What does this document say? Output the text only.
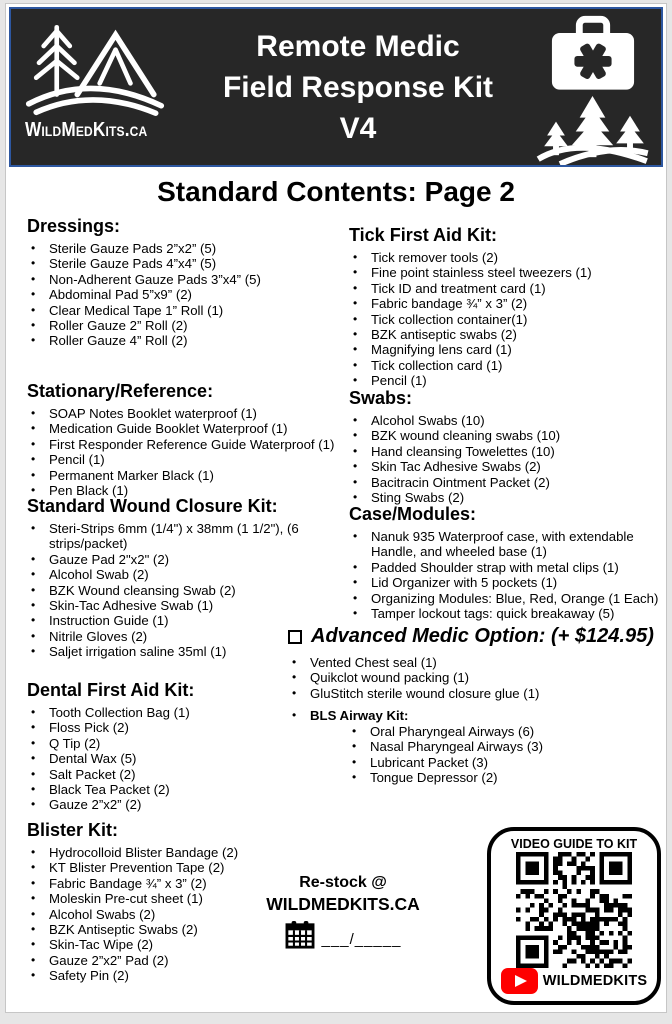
WildMedKits.ca
Remote Medic
Field Response Kit
V4
Standard Contents: Page 2
Dressings:
• Sterile Gauze Pads 2”x2” (5)
• Sterile Gauze Pads 4”x4” (5)
• Non-Adherent Gauze Pads 3”x4” (5)
• Abdominal Pad 5”x9” (2)
• Clear Medical Tape 1” Roll (1)
• Roller Gauze 2” Roll (2)
• Roller Gauze 4” Roll (2)
Stationary/Reference:
• SOAP Notes Booklet waterproof (1)
• Medication Guide Booklet Waterproof (1)
• First Responder Reference Guide Waterproof (1)
• Pencil (1)
• Permanent Marker Black (1)
• Pen Black (1)
Standard Wound Closure Kit:
• Steri-Strips 6mm (1/4") x 38mm (1 1/2"), (6 strips/packet)
• Gauze Pad 2"x2" (2)
• Alcohol Swab (2)
• BZK Wound cleansing Swab (2)
• Skin-Tac Adhesive Swab (1)
• Instruction Guide (1)
• Nitrile Gloves (2)
• Saljet irrigation saline 35ml (1)
Dental First Aid Kit:
• Tooth Collection Bag (1)
• Floss Pick (2)
• Q Tip (2)
• Dental Wax (5)
• Salt Packet (2)
• Black Tea Packet (2)
• Gauze 2”x2” (2)
Blister Kit:
• Hydrocolloid Blister Bandage (2)
• KT Blister Prevention Tape (2)
• Fabric Bandage ¾” x 3” (2)
• Moleskin Pre-cut sheet (1)
• Alcohol Swabs (2)
• BZK Antiseptic Swabs (2)
• Skin-Tac Wipe (2)
• Gauze 2”x2” Pad (2)
• Safety Pin (2)
Tick First Aid Kit:
• Tick remover tools (2)
• Fine point stainless steel tweezers (1)
• Tick ID and treatment card (1)
• Fabric bandage ¾” x 3” (2)
• Tick collection container(1)
• BZK antiseptic swabs (2)
• Magnifying lens card (1)
• Tick collection card (1)
• Pencil (1)
Swabs:
• Alcohol Swabs (10)
• BZK wound cleaning swabs (10)
• Hand cleansing Towelettes (10)
• Skin Tac Adhesive Swabs (2)
• Bacitracin Ointment Packet (2)
• Sting Swabs (2)
Case/Modules:
• Nanuk 935 Waterproof case, with extendable Handle, and wheeled base (1)
• Padded Shoulder strap with metal clips (1)
• Lid Organizer with 5 pockets (1)
• Organizing Modules: Blue, Red, Orange (1 Each)
• Tamper lockout tags: quick breakaway (5)
Advanced Medic Option: (+ $124.95)
• Vented Chest seal (1)
• Quikclot wound packing (1)
• GluStitch sterile wound closure glue (1)
• BLS Airway Kit:
• Oral Pharyngeal Airways (6)
• Nasal Pharyngeal Airways (3)
• Lubricant Packet (3)
• Tongue Depressor (2)
Re-stock @
WILDMEDKITS.CA
___/_____
VIDEO GUIDE TO KIT
WILDMEDKITS
